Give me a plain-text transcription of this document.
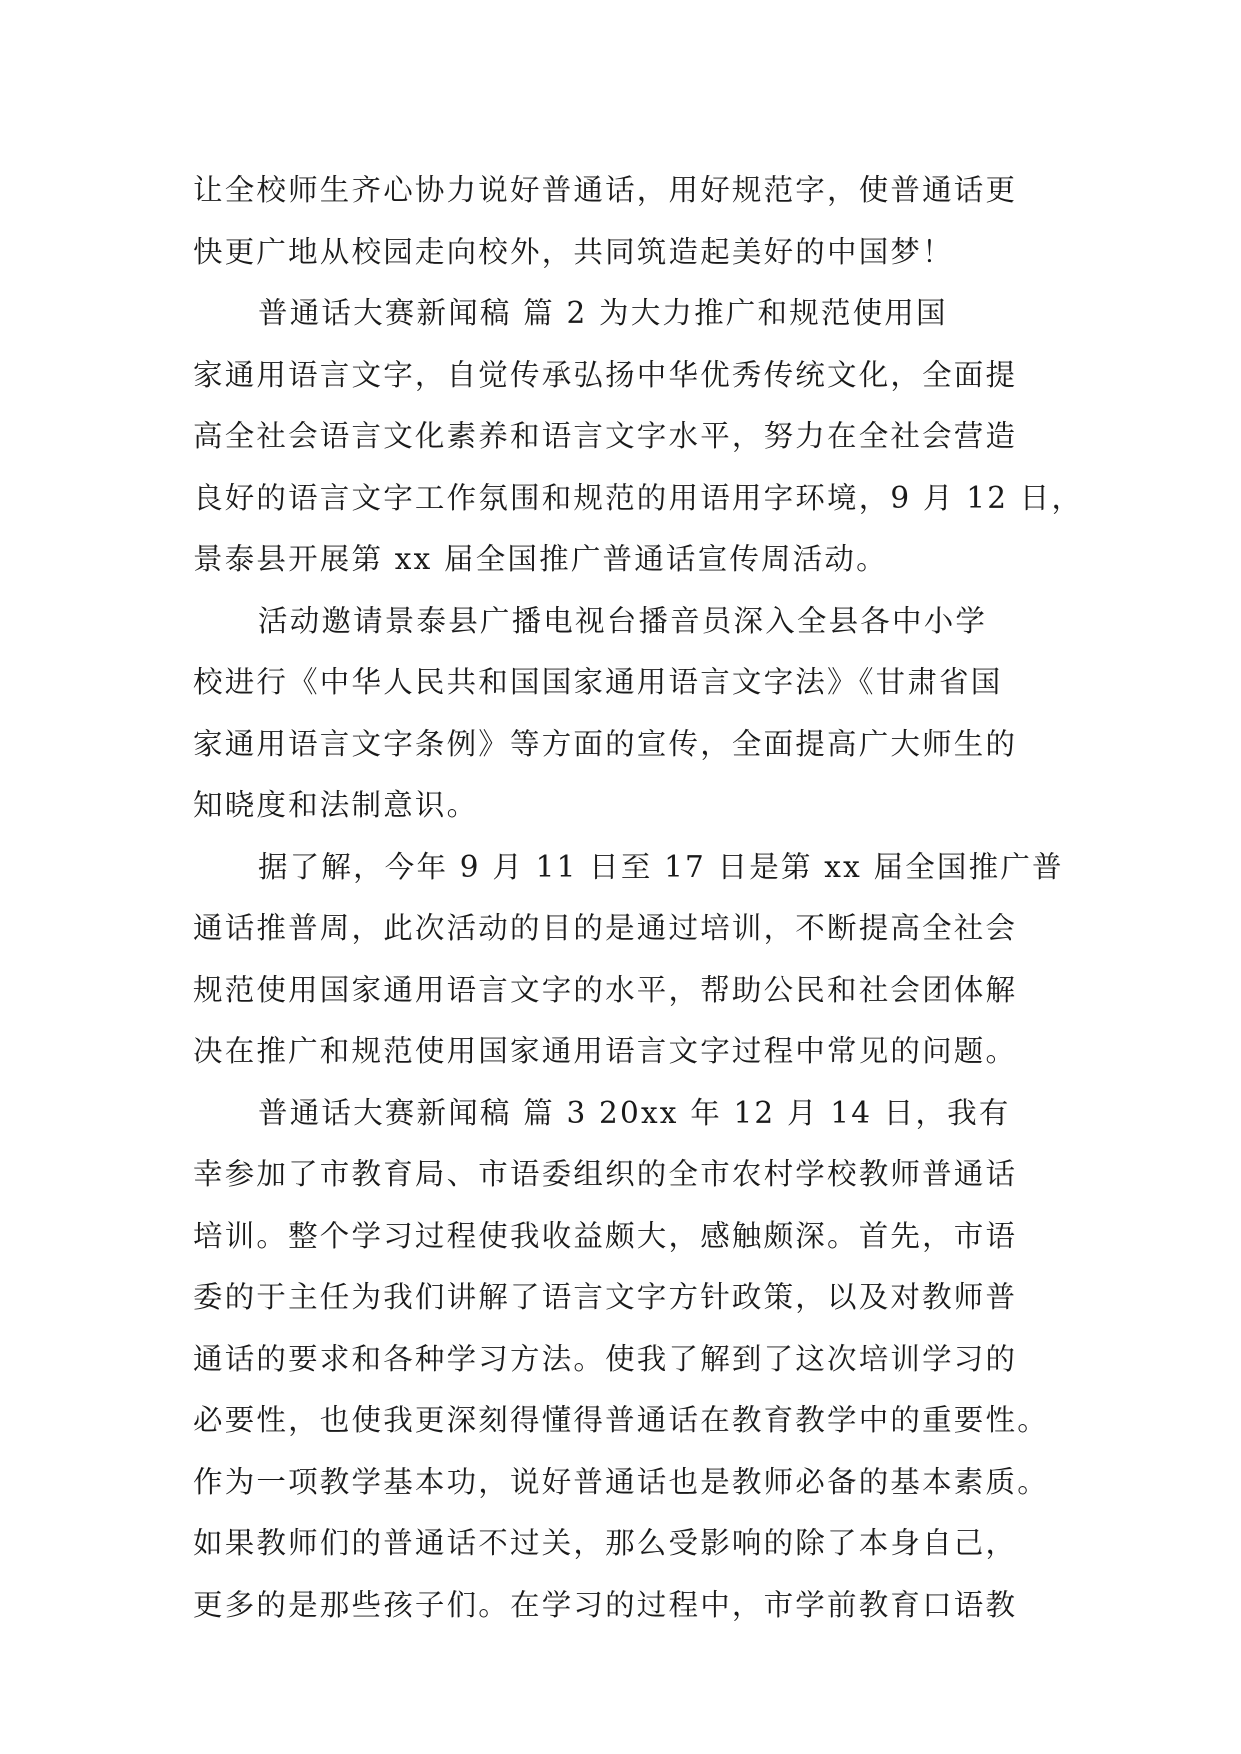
让全校师生齐心协力说好普通话，用好规范字，使普通话更
快更广地从校园走向校外，共同筑造起美好的中国梦！
普通话大赛新闻稿 篇 2 为大力推广和规范使用国
家通用语言文字，自觉传承弘扬中华优秀传统文化，全面提
高全社会语言文化素养和语言文字水平，努力在全社会营造
良好的语言文字工作氛围和规范的用语用字环境，9 月 12 日，
景泰县开展第 xx 届全国推广普通话宣传周活动。
活动邀请景泰县广播电视台播音员深入全县各中小学
校进行《中华人民共和国国家通用语言文字法》《甘肃省国
家通用语言文字条例》等方面的宣传，全面提高广大师生的
知晓度和法制意识。
据了解，今年 9 月 11 日至 17 日是第 xx 届全国推广普
通话推普周，此次活动的目的是通过培训，不断提高全社会
规范使用国家通用语言文字的水平，帮助公民和社会团体解
决在推广和规范使用国家通用语言文字过程中常见的问题。
普通话大赛新闻稿 篇 3 20xx 年 12 月 14 日，我有
幸参加了市教育局、市语委组织的全市农村学校教师普通话
培训。整个学习过程使我收益颇大，感触颇深。首先，市语
委的于主任为我们讲解了语言文字方针政策，以及对教师普
通话的要求和各种学习方法。使我了解到了这次培训学习的
必要性，也使我更深刻得懂得普通话在教育教学中的重要性。
作为一项教学基本功，说好普通话也是教师必备的基本素质。
如果教师们的普通话不过关，那么受影响的除了本身自己，
更多的是那些孩子们。在学习的过程中，市学前教育口语教
